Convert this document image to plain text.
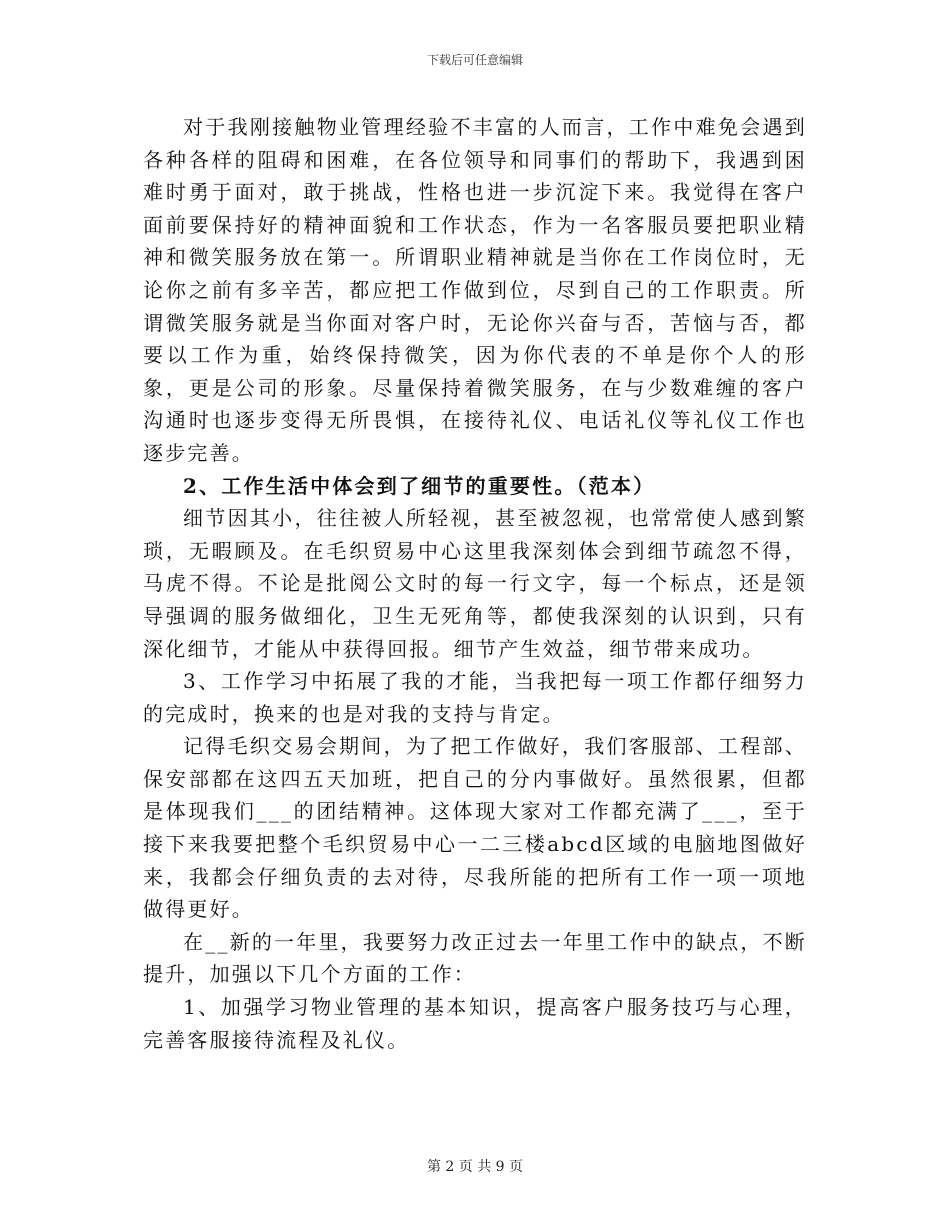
下载后可任意编辑

对于我刚接触物业管理经验不丰富的人而言，工作中难免会遇到各种各样的阻碍和困难，在各位领导和同事们的帮助下，我遇到困难时勇于面对，敢于挑战，性格也进一步沉淀下来。我觉得在客户面前要保持好的精神面貌和工作状态，作为一名客服员要把职业精神和微笑服务放在第一。所谓职业精神就是当你在工作岗位时，无论你之前有多辛苦，都应把工作做到位，尽到自己的工作职责。所谓微笑服务就是当你面对客户时，无论你兴奋与否，苦恼与否，都要以工作为重，始终保持微笑，因为你代表的不单是你个人的形象，更是公司的形象。尽量保持着微笑服务，在与少数难缠的客户沟通时也逐步变得无所畏惧，在接待礼仪、电话礼仪等礼仪工作也逐步完善。

2、工作生活中体会到了细节的重要性。（范本）

细节因其小，往往被人所轻视，甚至被忽视，也常常使人感到繁琐，无暇顾及。在毛织贸易中心这里我深刻体会到细节疏忽不得，马虎不得。不论是批阅公文时的每一行文字，每一个标点，还是领导强调的服务做细化，卫生无死角等，都使我深刻的认识到，只有深化细节，才能从中获得回报。细节产生效益，细节带来成功。

3、工作学习中拓展了我的才能，当我把每一项工作都仔细努力的完成时，换来的也是对我的支持与肯定。

记得毛织交易会期间，为了把工作做好，我们客服部、工程部、保安部都在这四五天加班，把自己的分内事做好。虽然很累，但都是体现我们___的团结精神。这体现大家对工作都充满了___，至于接下来我要把整个毛织贸易中心一二三楼abcd区域的电脑地图做好来，我都会仔细负责的去对待，尽我所能的把所有工作一项一项地做得更好。

在__新的一年里，我要努力改正过去一年里工作中的缺点，不断提升，加强以下几个方面的工作：

1、加强学习物业管理的基本知识，提高客户服务技巧与心理，完善客服接待流程及礼仪。

第 2 页 共 9 页
